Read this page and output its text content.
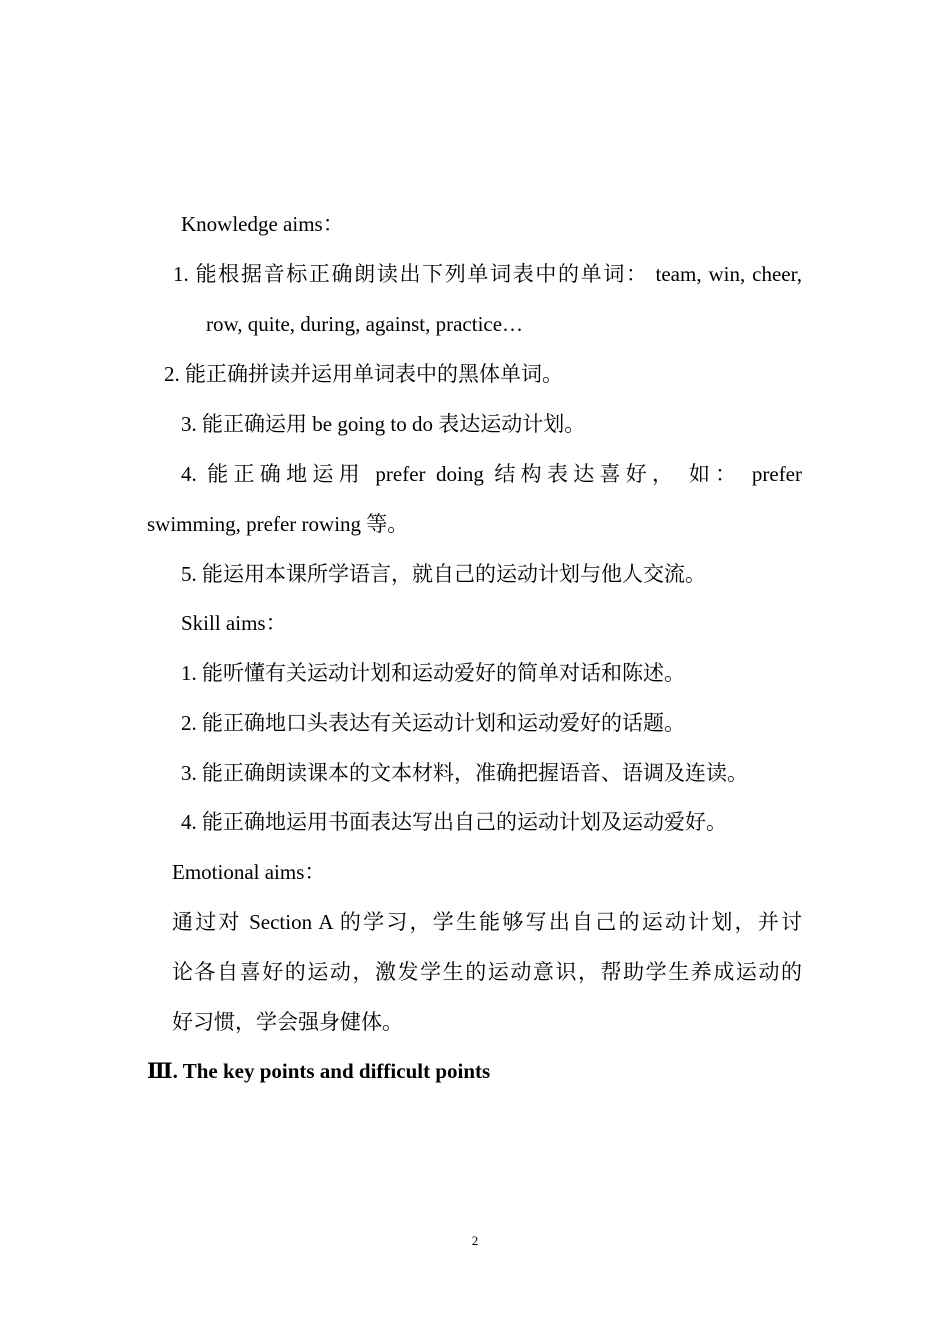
Knowledge aims：
1. 能根据音标正确朗读出下列单词表中的单词： team, win, cheer,
row, quite, during, against, practice…
2. 能正确拼读并运用单词表中的黑体单词。
3. 能正确运用 be going to do 表达运动计划。
4. 能正确地运用 prefer doing 结构表达喜好， 如： prefer
swimming, prefer rowing 等。
5. 能运用本课所学语言，就自己的运动计划与他人交流。
Skill aims：
1. 能听懂有关运动计划和运动爱好的简单对话和陈述。
2. 能正确地口头表达有关运动计划和运动爱好的话题。
3. 能正确朗读课本的文本材料，准确把握语音、语调及连读。
4. 能正确地运用书面表达写出自己的运动计划及运动爱好。
Emotional aims：
通过对 Section A 的学习，学生能够写出自己的运动计划，并讨
论各自喜好的运动，激发学生的运动意识，帮助学生养成运动的
好习惯，学会强身健体。
Ⅲ. The key points and difficult points
2
